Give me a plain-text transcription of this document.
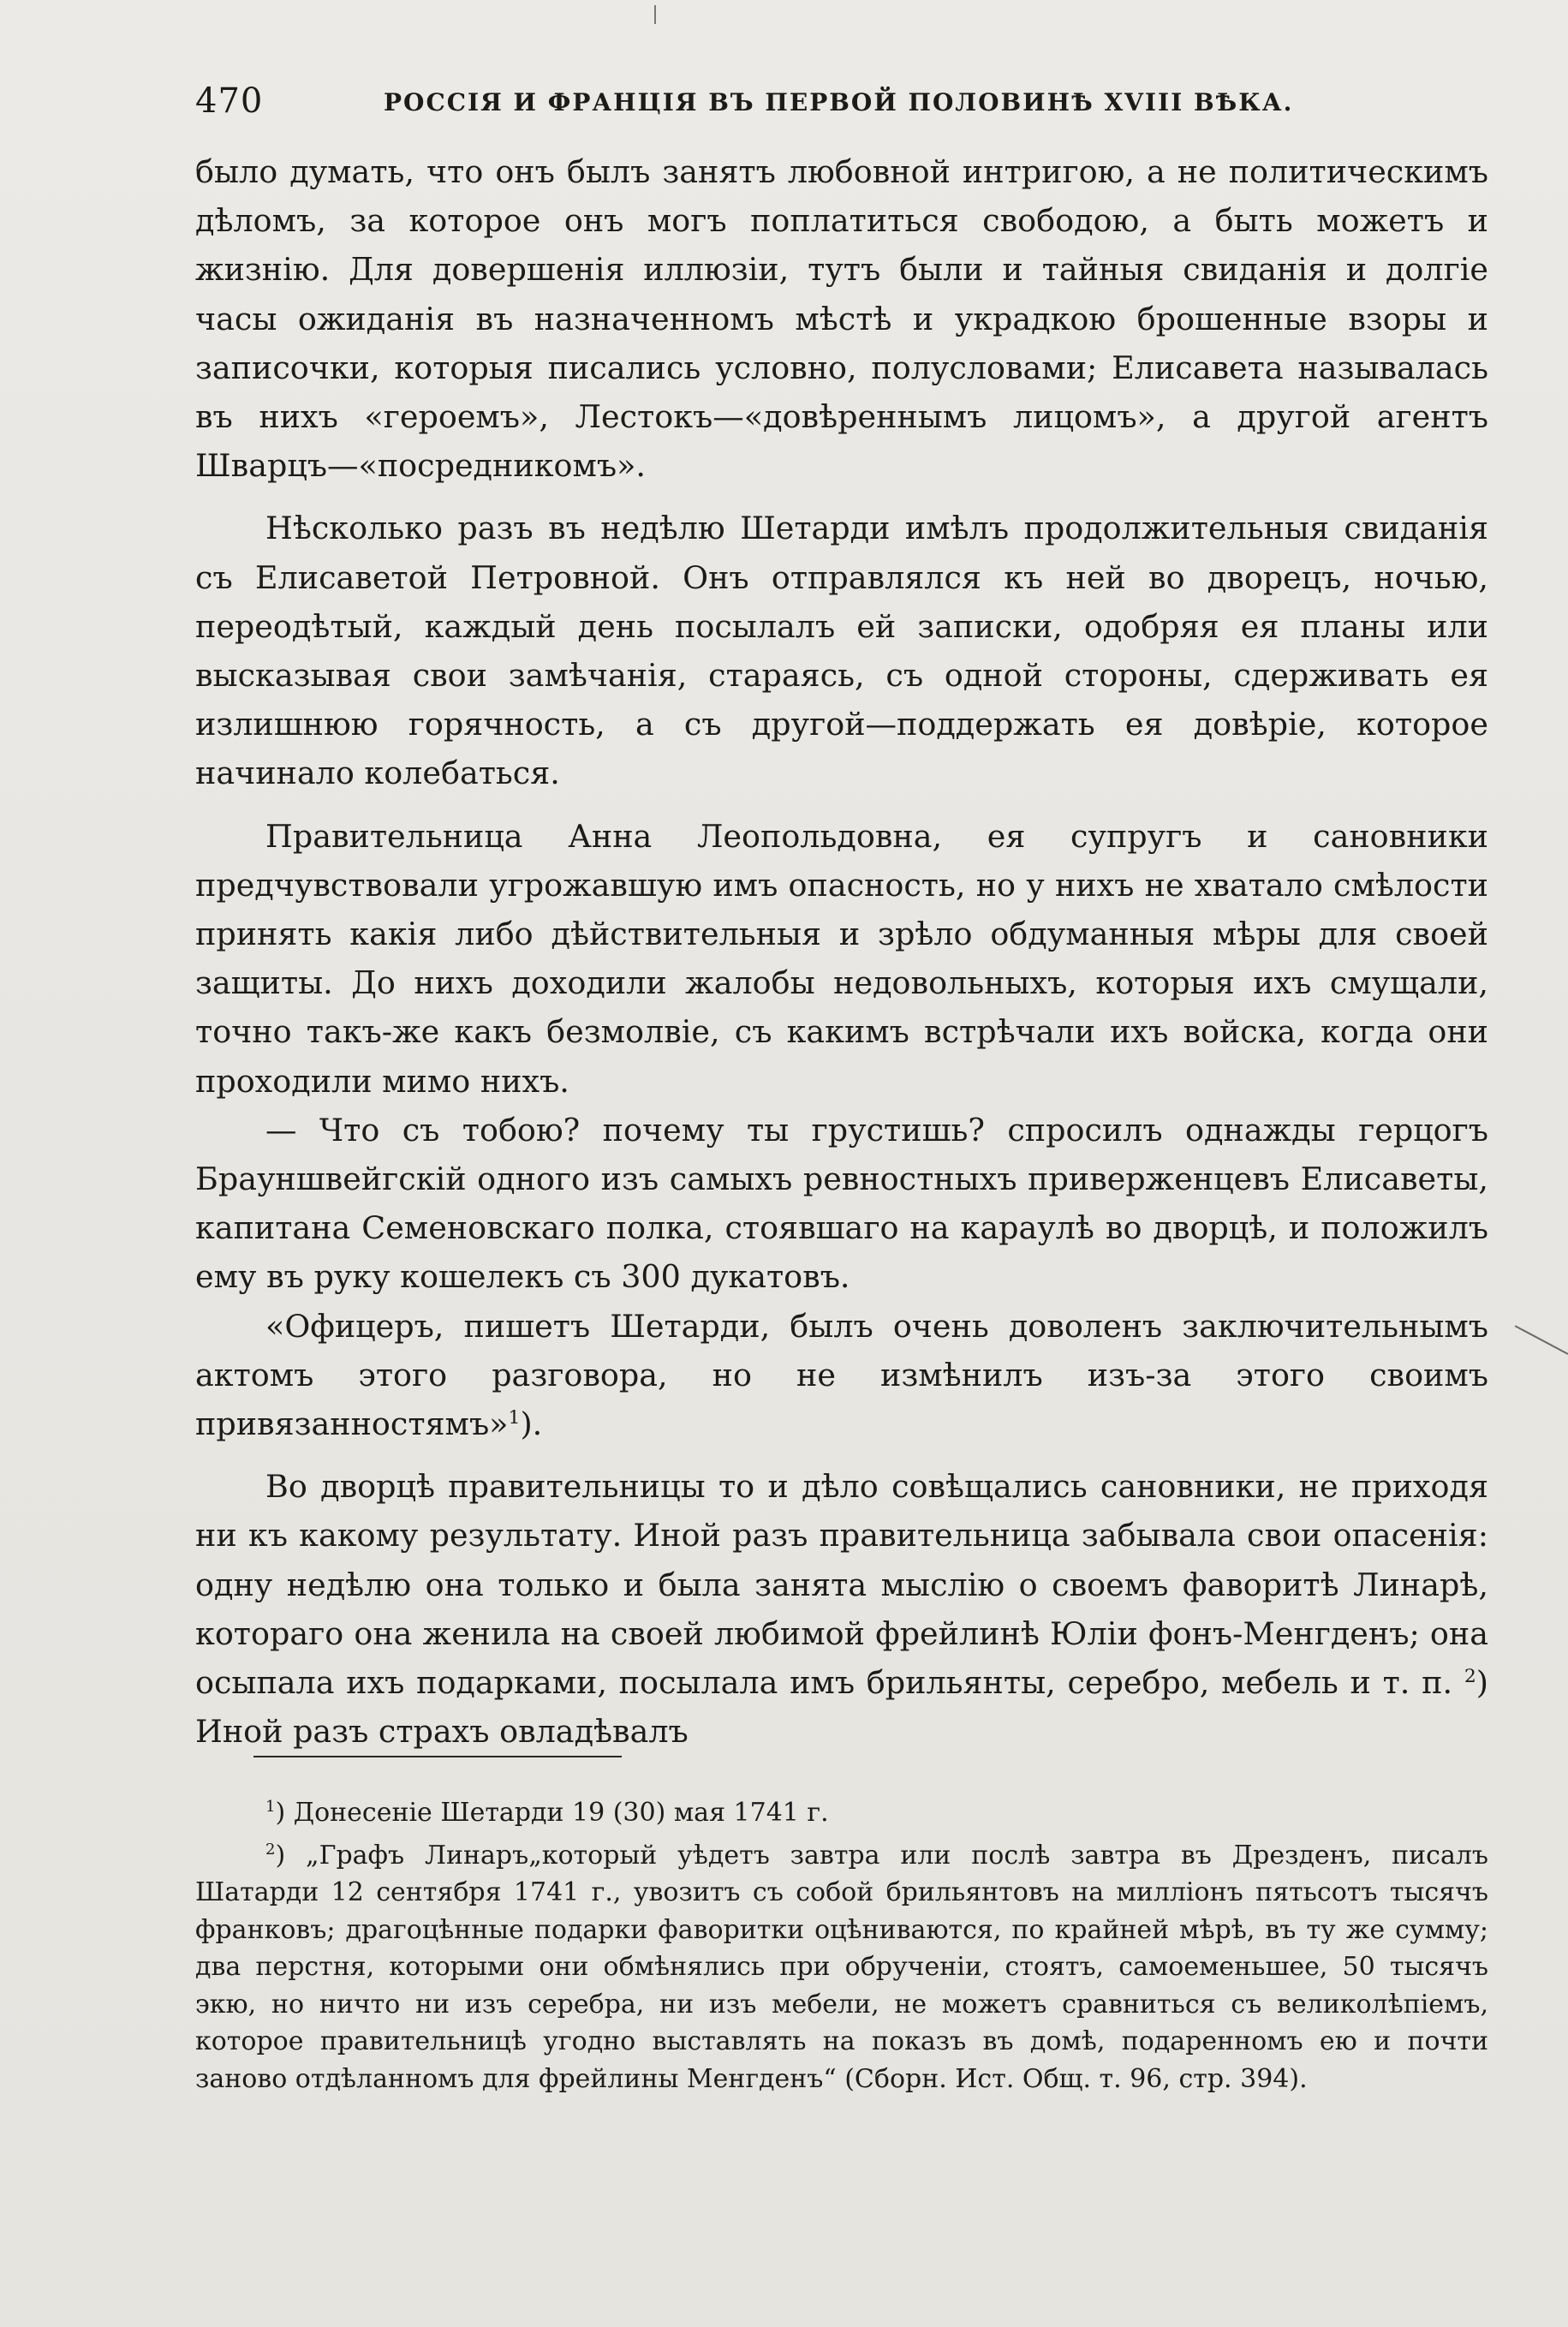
470	РОССІЯ И ФРАНЦІЯ ВЪ ПЕРВОЙ ПОЛОВИНѢ XVIII ВѢКА.

было думать, что онъ былъ занятъ любовной интригою, а не политическимъ дѣломъ, за которое онъ могъ поплатиться свободою, а быть можетъ и жизнію. Для довершенія иллюзіи, тутъ были и тайныя свиданія и долгіе часы ожиданія въ назначенномъ мѣстѣ и украдкою брошенные взоры и записочки, которыя писались условно, полусловами; Елисавета называлась въ нихъ «героемъ», Лестокъ—«довѣреннымъ лицомъ», а другой агентъ Шварцъ—«посредникомъ».

Нѣсколько разъ въ недѣлю Шетарди имѣлъ продолжительныя свиданія съ Елисаветой Петровной. Онъ отправлялся къ ней во дворецъ, ночью, переодѣтый, каждый день посылалъ ей записки, одобряя ея планы или высказывая свои замѣчанія, стараясь, съ одной стороны, сдерживать ея излишнюю горячность, а съ другой—поддержать ея довѣріе, которое начинало колебаться.

Правительница Анна Леопольдовна, ея супругъ и сановники предчувствовали угрожавшую имъ опасность, но у нихъ не хватало смѣлости принять какія либо дѣйствительныя и зрѣло обдуманныя мѣры для своей защиты. До нихъ доходили жалобы недовольныхъ, которыя ихъ смущали, точно такъ-же какъ безмолвіе, съ какимъ встрѣчали ихъ войска, когда они проходили мимо нихъ.

— Что съ тобою? почему ты грустишь? спросилъ однажды герцогъ Брауншвейгскій одного изъ самыхъ ревностныхъ приверженцевъ Елисаветы, капитана Семеновскаго полка, стоявшаго на караулѣ во дворцѣ, и положилъ ему въ руку кошелекъ съ 300 дукатовъ.

«Офицеръ, пишетъ Шетарди, былъ очень доволенъ заключительнымъ актомъ этого разговора, но не измѣнилъ изъ-за этого своимъ привязанностямъ»$^1$).

Во дворцѣ правительницы то и дѣло совѣщались сановники, не приходя ни къ какому результату. Иной разъ правительница забывала свои опасенія: одну недѣлю она только и была занята мыслію о своемъ фаворитѣ Линарѣ, котораго она женила на своей любимой фрейлинѣ Юліи фонъ-Менгденъ; она осыпала ихъ подарками, посылала имъ брильянты, серебро, мебель и т. п. $^2$) Иной разъ страхъ овладѣвалъ

$^1$) Донесеніе Шетарди 19 (30) мая 1741 г.

$^2$) „Графъ Линаръ„который уѣдетъ завтра или послѣ завтра въ Дрезденъ, писалъ Шатарди 12 сентября 1741 г., увозитъ съ собой брильянтовъ на милліонъ пятьсотъ тысячъ франковъ; драгоцѣнные подарки фаворитки оцѣниваются, по крайней мѣрѣ, въ ту же сумму; два перстня, которыми они обмѣнялись при обрученіи, стоятъ, самоеменьшее, 50 тысячъ экю, но ничто ни изъ серебра, ни изъ мебели, не можетъ сравниться съ великолѣпіемъ, которое правительницѣ угодно выставлять на показъ въ домѣ, подаренномъ ею и почти заново отдѣланномъ для фрейлины Менгденъ“ (Сборн. Ист. Общ. т. 96, стр. 394).
